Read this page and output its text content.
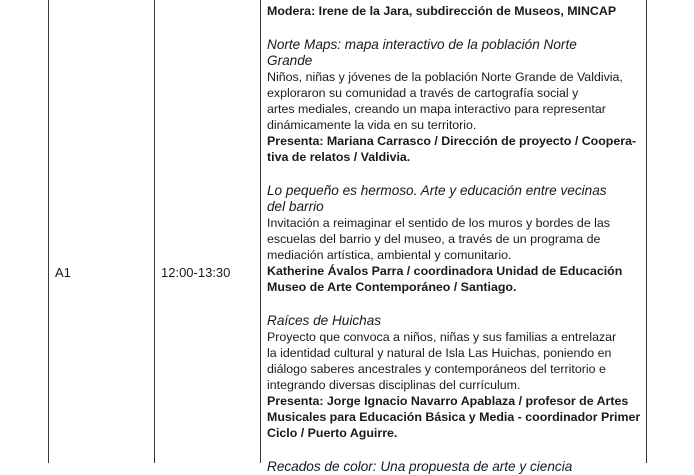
A1	12:00-13:30
Modera: Irene de la Jara, subdirección de Museos, MINCAP
Norte Maps: mapa interactivo de la población Norte
Grande
Niños, niñas y jóvenes de la población Norte Grande de Valdivia,
exploraron su comunidad a través de cartografía social y
artes mediales, creando un mapa interactivo para representar
dinámicamente la vida en su territorio.
Presenta: Mariana Carrasco / Dirección de proyecto / Coopera-
tiva de relatos / Valdivia.
Lo pequeño es hermoso. Arte y educación entre vecinas
del barrio
Invitación a reimaginar el sentido de los muros y bordes de las
escuelas del barrio y del museo, a través de un programa de
mediación artística, ambiental y comunitario.
Katherine Ávalos Parra / coordinadora Unidad de Educación
Museo de Arte Contemporáneo / Santiago.
Raíces de Huichas
Proyecto que convoca a niños, niñas y sus familias a entrelazar
la identidad cultural y natural de Isla Las Huichas, poniendo en
diálogo saberes ancestrales y contemporáneos del territorio e
integrando diversas disciplinas del currículum.
Presenta: Jorge Ignacio Navarro Apablaza / profesor de Artes
Musicales para Educación Básica y Media - coordinador Primer
Ciclo / Puerto Aguirre.
Recados de color: Una propuesta de arte y ciencia
